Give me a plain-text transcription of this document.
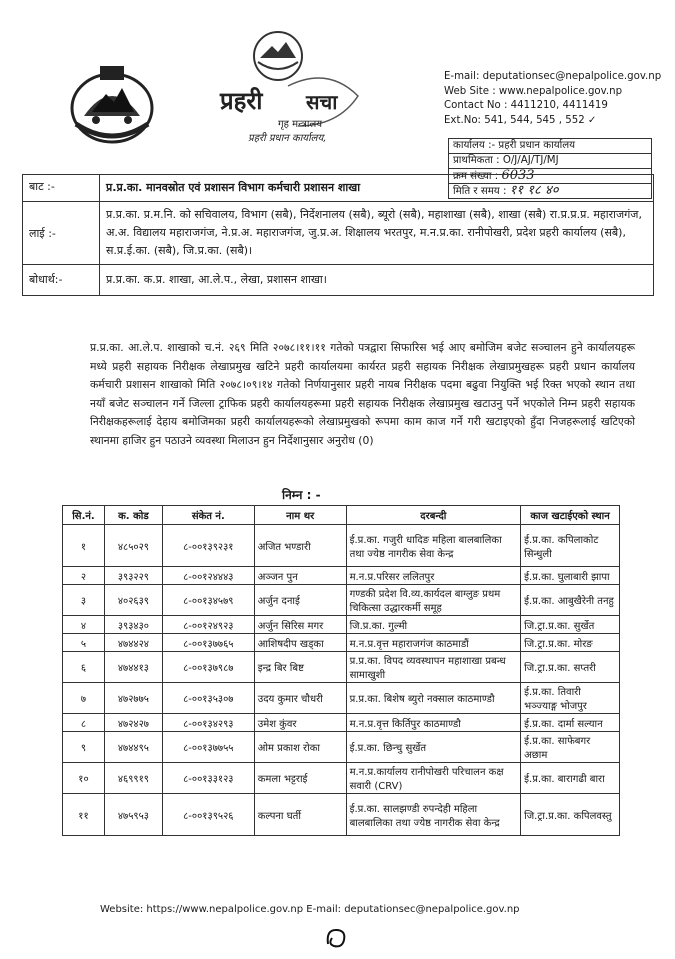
प्रहरी सचा
गृह मन्त्रालय
प्रहरी प्रधान कार्यालय,
E-mail: deputationsec@nepalpolice.gov.np
Web Site : www.nepalpolice.gov.np
Contact No : 4411210, 4411419
Ext.No: 541, 544, 545 , 552 ✓
कार्यालय :- प्रहरी प्रधान कार्यालय
प्राथमिकता : O/J/AJ/TJ/MJ
क्रम संख्या : 6033
मिति र समय : ११ १८ ४०
बाट :-	प्र.प्र.का. मानवस्रोत एवं प्रशासन विभाग कर्मचारी प्रशासन शाखा
लाई :-
प्र.प्र.का. प्र.म.नि. को सचिवालय, विभाग (सबै), निर्देशनालय (सबै), ब्यूरो (सबै), महाशाखा (सबै), शाखा (सबै) रा.प्र.प्र.प्र. महाराजगंज, अ.अ. विद्यालय महाराजगंज, ने.प्र.अ. महाराजगंज, जु.प्र.अ. शिक्षालय भरतपुर, म.न.प्र.का. रानीपोखरी, प्रदेश प्रहरी कार्यालय (सबै), स.प्र.ई.का. (सबै), जि.प्र.का. (सबै)।
बोधार्थ:-	प्र.प्र.का. क.प्र. शाखा, आ.ले.प., लेखा, प्रशासन शाखा।
प्र.प्र.का. आ.ले.प. शाखाको च.नं. २६९ मिति २०७८।११।११ गतेको पत्रद्वारा सिफारिस भई आए बमोजिम बजेट सञ्चालन हुने कार्यालयहरू मध्ये प्रहरी सहायक निरीक्षक लेखाप्रमुख खटिने प्रहरी कार्यालयमा कार्यरत प्रहरी सहायक निरीक्षक लेखाप्रमुखहरू प्रहरी प्रधान कार्यालय कर्मचारी प्रशासन शाखाको मिति २०७८।०९।१४ गतेको निर्णयानुसार प्रहरी नायब निरीक्षक पदमा बढुवा नियुक्ति भई रिक्त भएको स्थान तथा नयाँ बजेट सञ्चालन गर्ने जिल्ला ट्राफिक प्रहरी कार्यालयहरूमा प्रहरी सहायक निरीक्षक लेखाप्रमुख खटाउनु पर्ने भएकोले निम्न प्रहरी सहायक निरीक्षकहरूलाई देहाय बमोजिमका प्रहरी कार्यालयहरूको लेखाप्रमुखको रूपमा काम काज गर्ने गरी खटाइएको हुँदा निजहरूलाई खटिएको स्थानमा हाजिर हुन पठाउने व्यवस्था मिलाउन हुन निर्देशानुसार अनुरोध (0)
निम्न : -
सि.नं.	क. कोड	संकेत नं.	नाम थर	दरबन्दी	काज खटाईएको स्थान
१	४८५०२९	८-००१३९२३१	अजित भण्डारी	ई.प्र.का. गजुरी धादिङ महिला बालबालिका तथा ज्येष्ठ नागरीक सेवा केन्द्र	ई.प्र.का. कपिलाकोट सिन्धुली
२	३९३२२९	८-००१२४४४३	अञ्जन पुन	म.न.प्र.परिसर ललितपुर	ई.प्र.का. घुलाबारी झापा
३	४०२६३९	८-००१३४५७९	अर्जुन दनाई	गण्डकी प्रदेश वि.व्य.कार्यदल बाग्लुङ प्रथम चिकित्सा उद्धारकर्मी समूह	ई.प्र.का. आबुखैरेनी तनहु
४	३९३४३०	८-००१२४९२३	अर्जुन सिरिस मगर	जि.प्र.का. गुल्मी	जि.ट्रा.प्र.का. सुर्खेत
५	४७४४२४	८-००१३७७६५	आशिषदीप खड्का	म.न.प्र.वृत्त महाराजगंज काठमाडौं	जि.ट्रा.प्र.का. मोरङ
६	४७४४१३	८-००१३७९८७	इन्द्र बिर बिष्ट	प्र.प्र.का. विपद व्यवस्थापन महाशाखा प्रबन्ध सामाखुशी	जि.ट्रा.प्र.का. सप्तरी
७	४७२७७५	८-००१३५३०७	उदय कुमार चौधरी	प्र.प्र.का. बिशेष ब्युरो नक्साल काठमाण्डौ	ई.प्र.का. तिवारी भञ्ज्याङ्ग भोजपुर
८	४७२४२७	८-००१३४२९३	उमेश कुंवर	म.न.प्र.वृत्त किर्तिपुर काठमाण्डौ	ई.प्र.का. दार्मा सल्यान
९	४७४४९५	८-००१३७७५५	ओम प्रकाश रोका	ई.प्र.का. छिन्चु सुर्खेत	ई.प्र.का. साफेबगर अछाम
१०	४६९९१९	८-००१३३१२३	कमला भट्टराई	म.न.प्र.कार्यालय रानीपोखरी परिचालन कक्ष सवारी (CRV)	ई.प्र.का. बारागढी बारा
११	४७५९५३	८-००१३९५२६	कल्पना घर्ती	ई.प्र.का. सालझण्डी रुपन्देही महिला बालबालिका तथा ज्येष्ठ नागरीक सेवा केन्द्र	जि.ट्रा.प्र.का. कपिलवस्तु
Website: https://www.nepalpolice.gov.np E-mail: deputationsec@nepalpolice.gov.np
